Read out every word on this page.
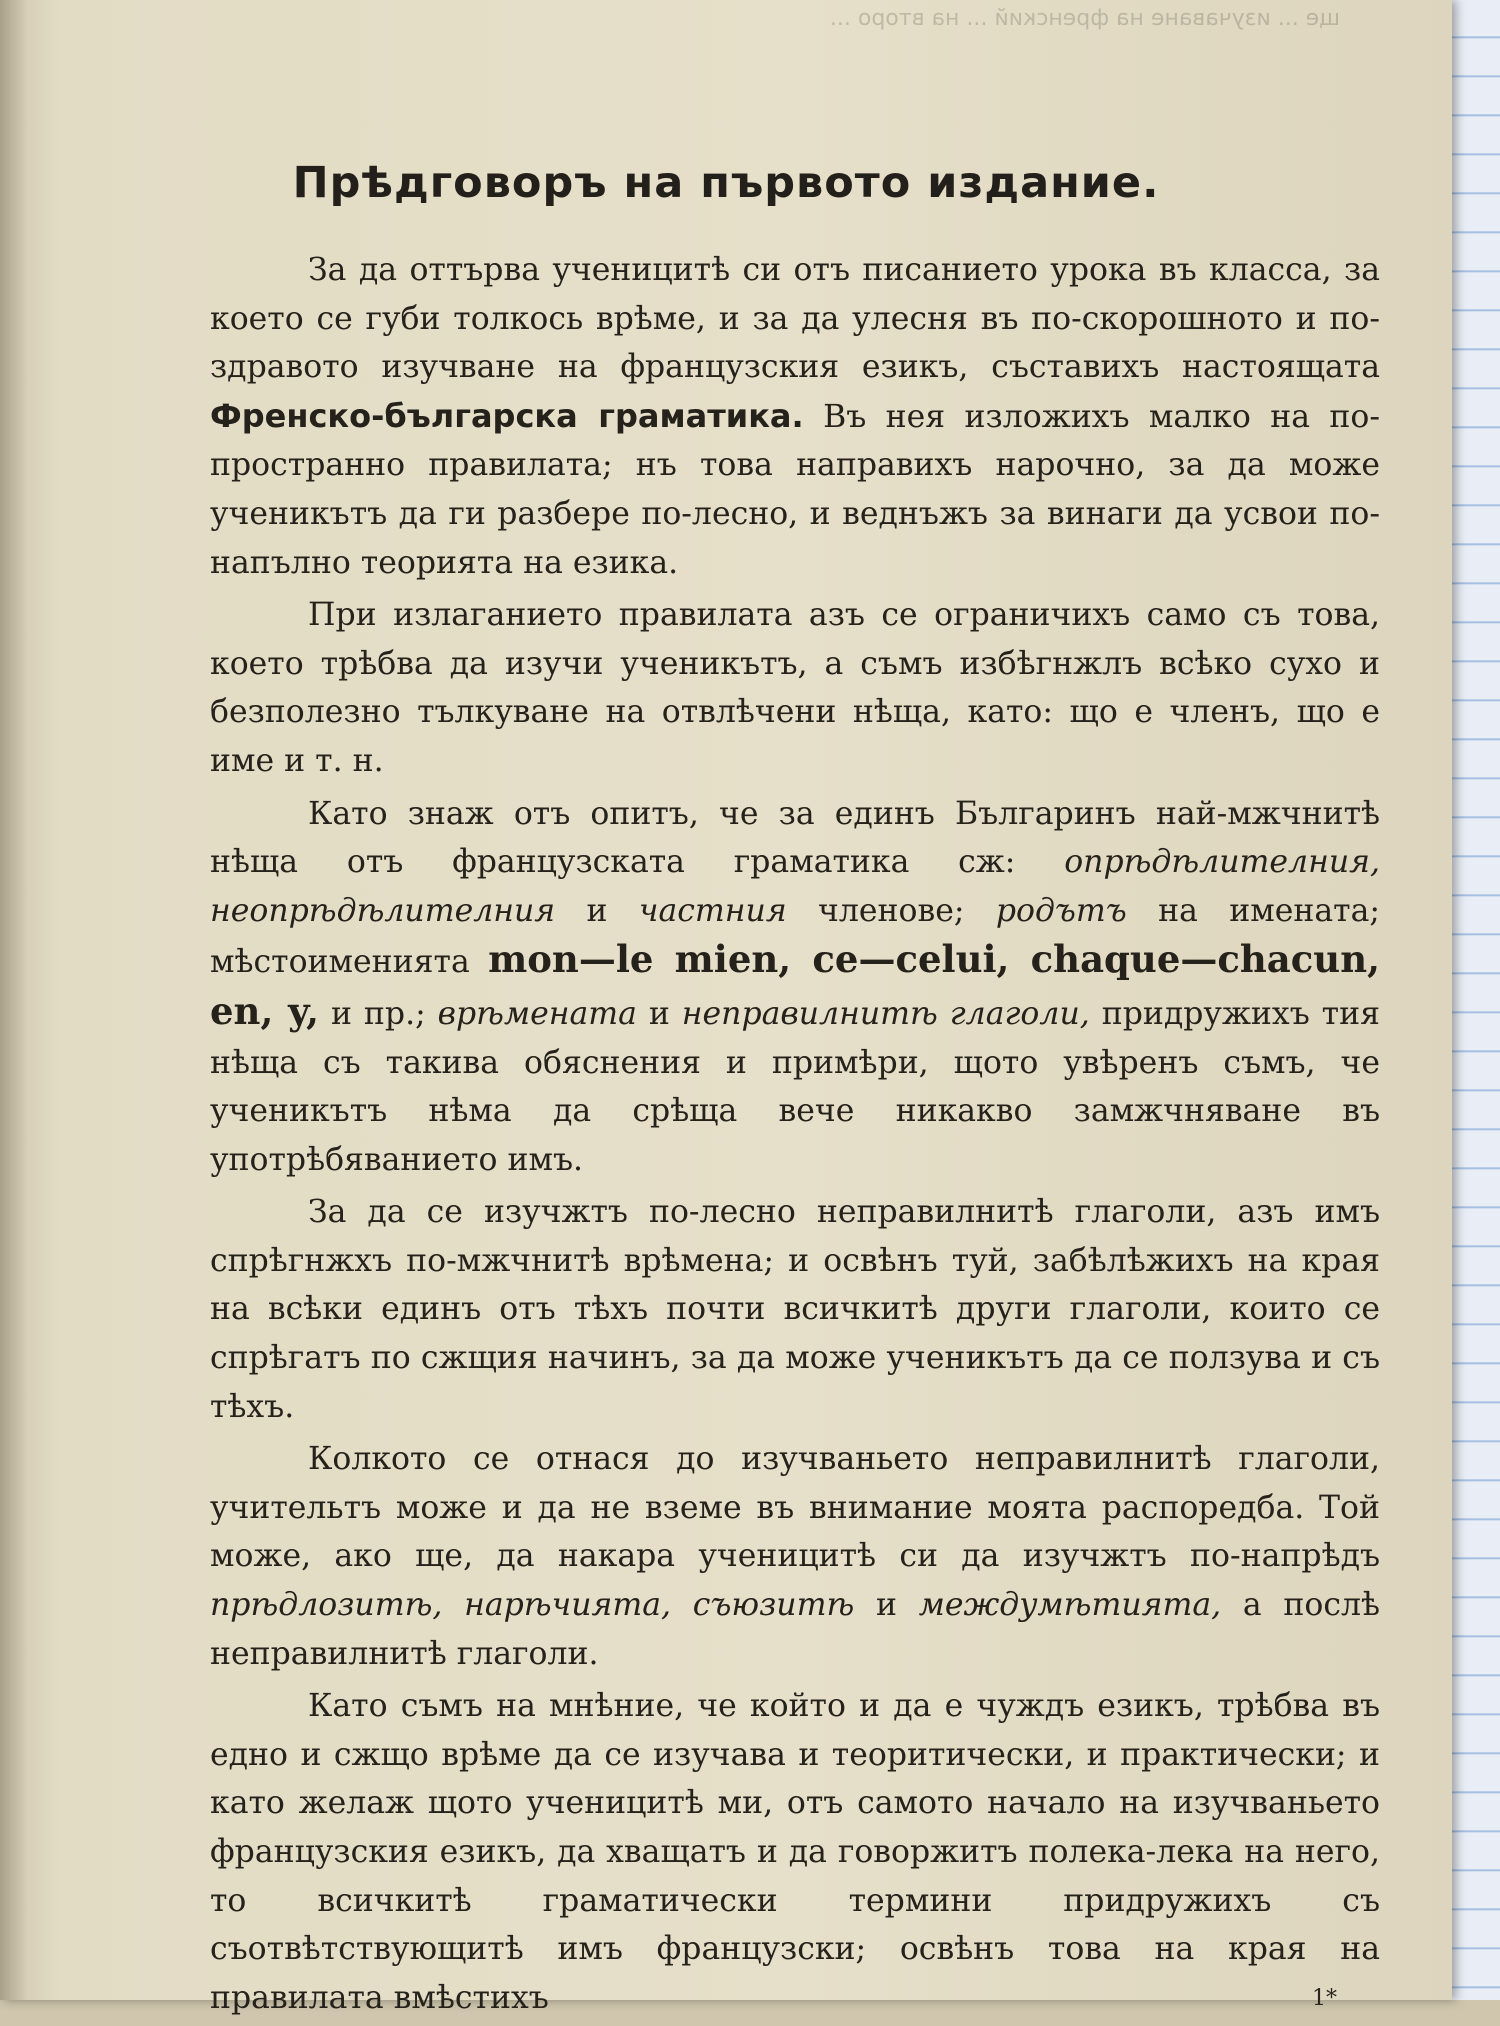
ще ... изучаване на френский ... на второ ...
Прѣдговоръ на първото издание.

За да оттърва ученицитѣ си отъ писанието урока въ класса, за което се губи толкось врѣме, и за да улесня въ по-скорошното и по-здравото изучване на французския езикъ, съставихъ настоящата Френско-българска граматика. Въ нея изложихъ малко на по-пространно правилата; нъ това направихъ нарочно, за да може ученикътъ да ги разбере по-лесно, и веднъжъ за винаги да усвои по-напълно теорията на езика.

При излаганието правилата азъ се ограничихъ само съ това, което трѣбва да изучи ученикътъ, а съмъ избѣгнжлъ всѣко сухо и безполезно тълкуване на отвлѣчени нѣща, като: що е членъ, що е име и т. н.

Като знаж отъ опитъ, че за единъ Българинъ най-мжчнитѣ нѣща отъ французската граматика сж: опрѣдѣлителния, неопрѣдѣлителния и частния членове; родътъ на имената; мѣстоименията mon—le mien, ce—celui, chaque—chacun, en, y, и пр.; врѣмената и неправилнитѣ глаголи, придружихъ тия нѣща съ такива обяснения и примѣри, щото увѣренъ съмъ, че ученикътъ нѣма да срѣща вече никакво замжчняване въ употрѣбяванието имъ.

За да се изучжтъ по-лесно неправилнитѣ глаголи, азъ имъ спрѣгнжхъ по-мжчнитѣ врѣмена; и освѣнъ туй, забѣлѣжихъ на края на всѣки единъ отъ тѣхъ почти всичкитѣ други глаголи, които се спрѣгатъ по сжщия начинъ, за да може ученикътъ да се ползува и съ тѣхъ.

Колкото се отнася до изучваньето неправилнитѣ глаголи, учительтъ може и да не вземе въ внимание моята распоредба. Той може, ако ще, да накара ученицитѣ си да изучжтъ по-напрѣдъ прѣдлозитѣ, нарѣчията, съюзитѣ и междумѣтията, а послѣ неправилнитѣ глаголи.

Като съмъ на мнѣние, че който и да е чуждъ езикъ, трѣбва въ едно и сжщо врѣме да се изучава и теоритически, и практически; и като желаж щото ученицитѣ ми, отъ самото начало на изучваньето французския езикъ, да хващатъ и да говоржитъ полека-лека на него, то всичкитѣ граматически термини придружихъ съ съотвѣтствующитѣ имъ французски; освѣнъ това на края на правилата вмѣстихъ	1*
